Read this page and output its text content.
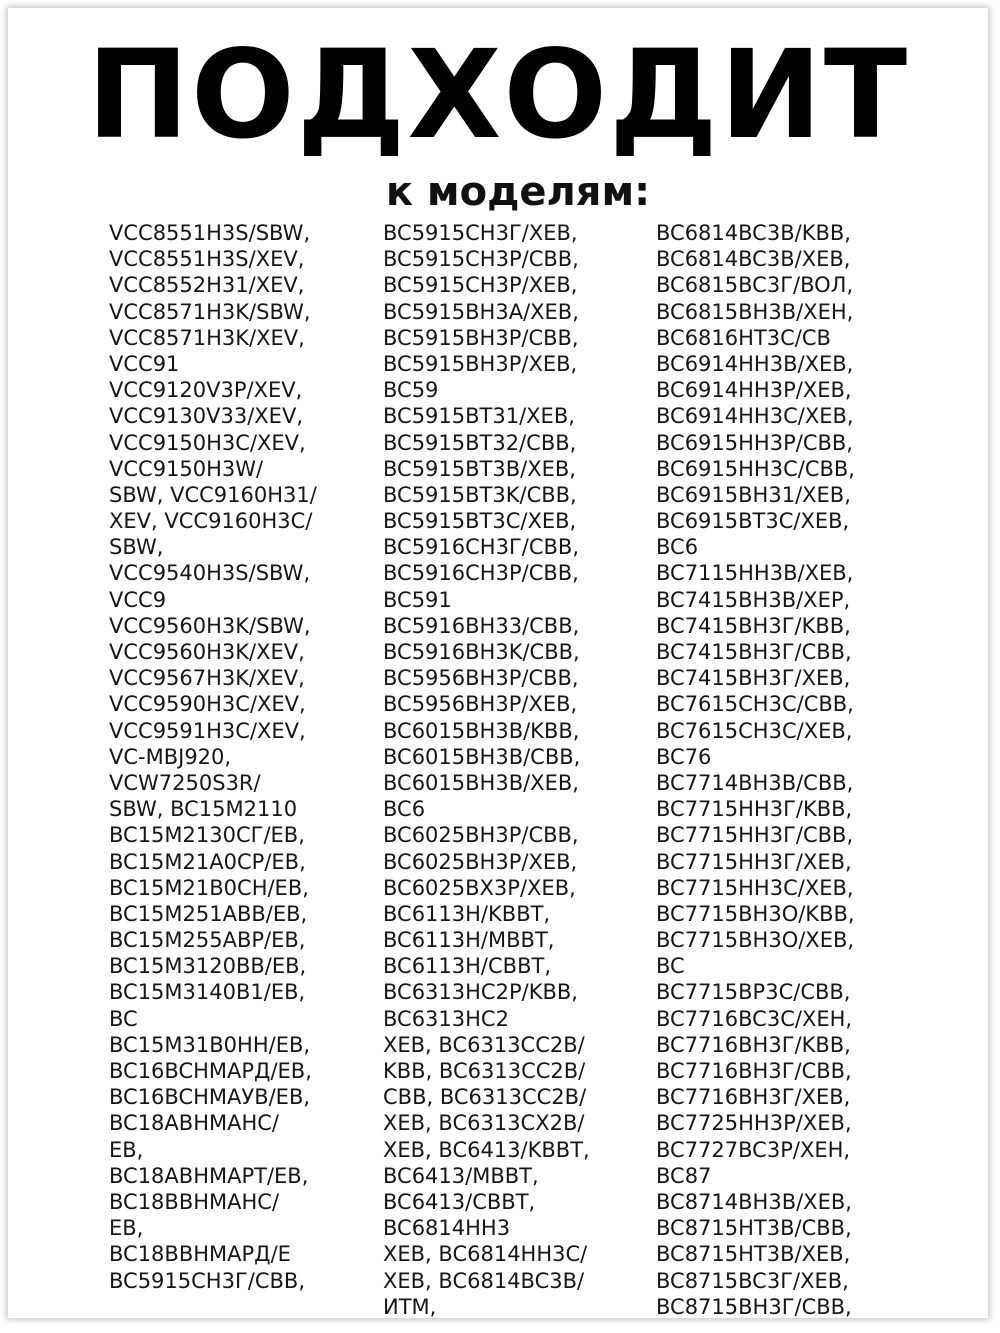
ПОДХОДИТ
к моделям:
VCC8551H3S/SBW,
VCC8551H3S/XEV,
VCC8552H31/XEV,
VCC8571H3K/SBW,
VCC8571H3K/XEV,
VCC91
VCC9120V3P/XEV,
VCC9130V33/XEV,
VCC9150H3C/XEV,
VCC9150H3W/
SBW, VCC9160H31/
XEV, VCC9160H3C/
SBW,
VCC9540H3S/SBW,
VCC9
VCC9560H3K/SBW,
VCC9560H3K/XEV,
VCC9567H3K/XEV,
VCC9590H3C/XEV,
VCC9591H3C/XEV,
VC-MBJ920,
VCW7250S3R/
SBW, BC15M2110
BC15M2130СГ/EB,
BC15M21A0CP/EB,
BC15M21B0CH/EB,
BC15M251ABB/EB,
BC15M255ABP/EB,
BC15M3120BB/EB,
BC15M3140B1/EB,
BC
BC15M31B0HH/EB,
BC16BCHMAPД/EB,
BC16BCHMAУB/EB,
BC18ABHMAHC/
EB,
BC18ABHMAPT/EB,
BC18BBHMAHC/
EB,
BC18BBHMAPД/E
BC5915CH3Г/CBB,
BC5915CH3Г/XEB,
BC5915CH3P/CBB,
BC5915CH3P/XEB,
BC5915BH3A/XEB,
BC5915BH3P/CBB,
BC5915BH3P/XEB,
BC59
BC5915BT31/XEB,
BC5915BT32/CBB,
BC5915BT3B/XEB,
BC5915BT3K/CBB,
BC5915BT3C/XEB,
BC5916CH3Г/CBB,
BC5916CH3P/CBB,
BC591
BC5916BH33/CBB,
BC5916BH3K/CBB,
BC5956BH3P/CBB,
BC5956BH3P/XEB,
BC6015BH3B/KBB,
BC6015BH3B/CBB,
BC6015BH3B/XEB,
BC6
BC6025BH3P/CBB,
BC6025BH3P/XEB,
BC6025BX3P/XEB,
BC6113H/KBBT,
BC6113H/MBBT,
BC6113H/CBBT,
BC6313HC2P/KBB,
BC6313HC2
XEB, BC6313CC2B/
KBB, BC6313CC2B/
CBB, BC6313CC2B/
XEB, BC6313CX2B/
XEB, BC6413/KBBT,
BC6413/MBBT,
BC6413/CBBT,
BC6814HH3
XEB, BC6814HH3C/
XEB, BC6814BC3B/
ИTM,
BC6814BC3B/KBB,
BC6814BC3B/XEB,
BC6815BC3Г/BOЛ,
BC6815BH3B/XEH,
BC6816HT3C/CB
BC6914HH3B/XEB,
BC6914HH3P/XEB,
BC6914HH3C/XEB,
BC6915HH3P/CBB,
BC6915HH3C/CBB,
BC6915BH31/XEB,
BC6915BT3C/XEB,
BC6
BC7115HH3B/XEB,
BC7415BH3B/XEP,
BC7415BH3Г/KBB,
BC7415BH3Г/CBB,
BC7415BH3Г/XEB,
BC7615CH3C/CBB,
BC7615CH3C/XEB,
BC76
BC7714BH3B/CBB,
BC7715HH3Г/KBB,
BC7715HH3Г/CBB,
BC7715HH3Г/XEB,
BC7715HH3C/XEB,
BC7715BH3O/KBB,
BC7715BH3O/XEB,
BC
BC7715BP3C/CBB,
BC7716BC3C/XEH,
BC7716BH3Г/KBB,
BC7716BH3Г/CBB,
BC7716BH3Г/XEB,
BC7725HH3P/XEB,
BC7727BC3P/XEH,
BC87
BC8714BH3B/XEB,
BC8715HT3B/CBB,
BC8715HT3B/XEB,
BC8715BC3Г/XEB,
BC8715BH3Г/CBB,
